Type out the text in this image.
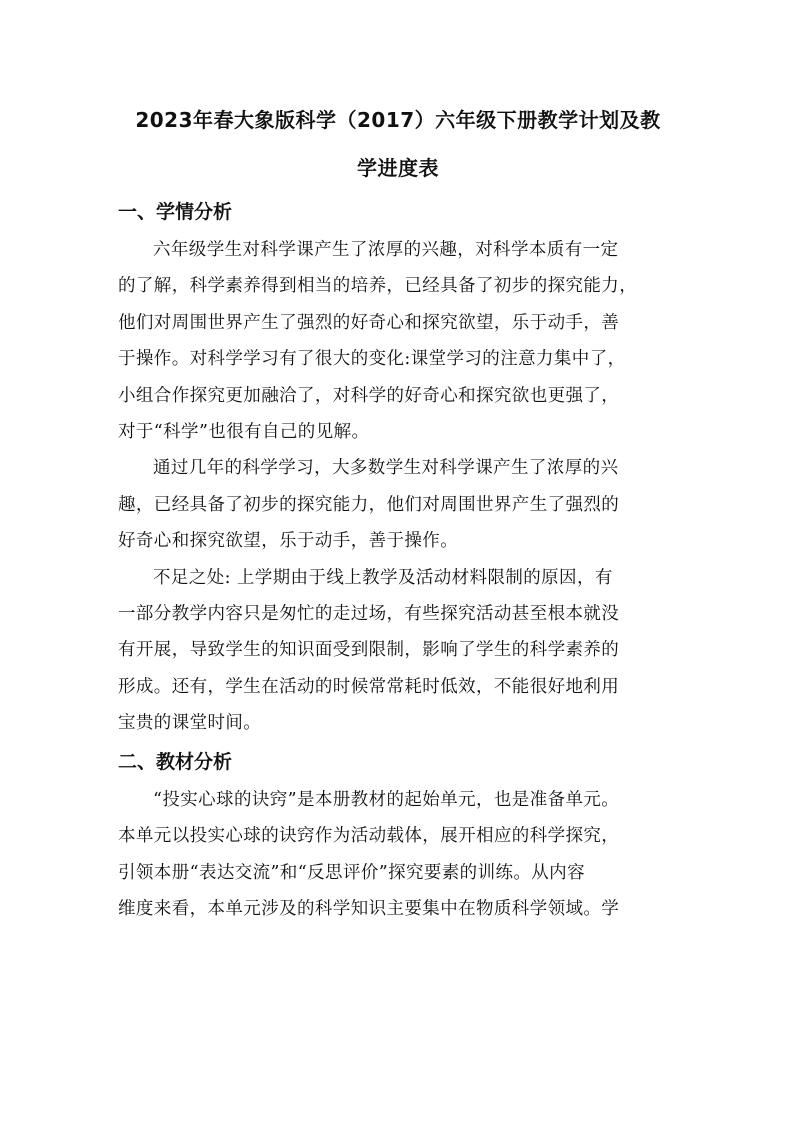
2023年春大象版科学（2017）六年级下册教学计划及教
学进度表
一、学情分析
六年级学生对科学课产生了浓厚的兴趣，对科学本质有一定
的了解，科学素养得到相当的培养，已经具备了初步的探究能力，
他们对周围世界产生了强烈的好奇心和探究欲望，乐于动手，善
于操作。对科学学习有了很大的变化:课堂学习的注意力集中了，
小组合作探究更加融洽了，对科学的好奇心和探究欲也更强了，
对于“科学”也很有自己的见解。
通过几年的科学学习，大多数学生对科学课产生了浓厚的兴
趣，已经具备了初步的探究能力，他们对周围世界产生了强烈的
好奇心和探究欲望，乐于动手，善于操作。
不足之处: 上学期由于线上教学及活动材料限制的原因，有
一部分教学内容只是匆忙的走过场，有些探究活动甚至根本就没
有开展，导致学生的知识面受到限制，影响了学生的科学素养的
形成。还有，学生在活动的时候常常耗时低效，不能很好地利用
宝贵的课堂时间。
二、教材分析
“投实心球的诀窍”是本册教材的起始单元，也是准备单元。
本单元以投实心球的诀窍作为活动载体，展开相应的科学探究，
引领本册“表达交流”和“反思评价”探究要素的训练。从内容
维度来看，本单元涉及的科学知识主要集中在物质科学领域。学
